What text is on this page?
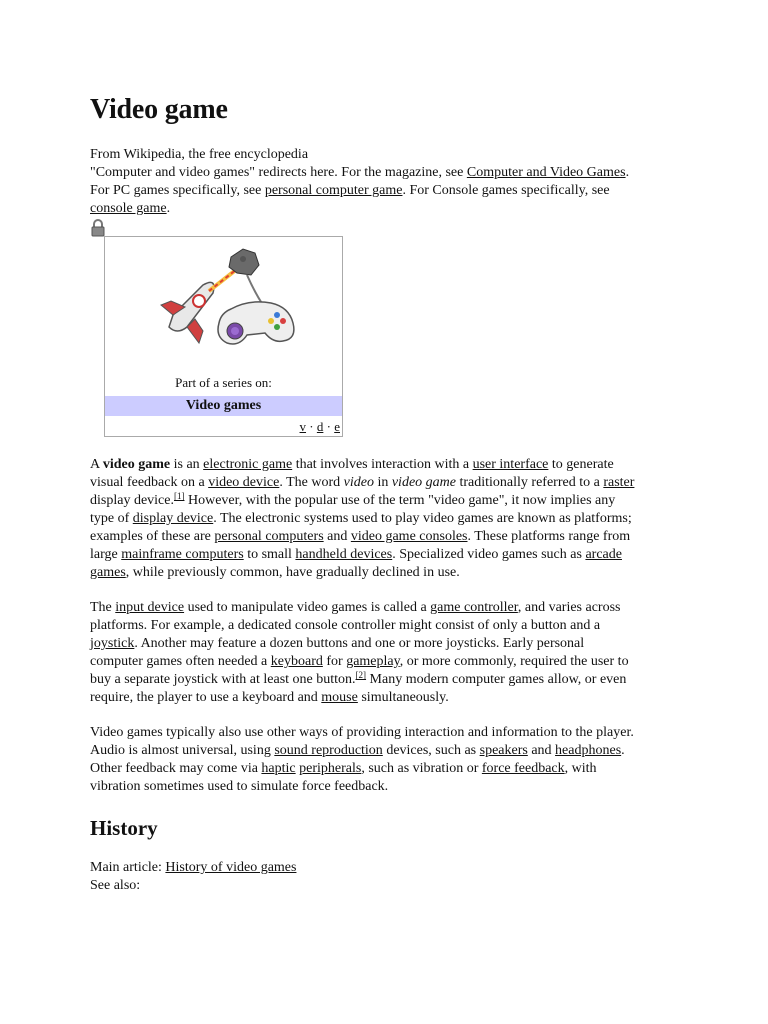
Video game
From Wikipedia, the free encyclopedia
"Computer and video games" redirects here. For the magazine, see Computer and Video Games.
For PC games specifically, see personal computer game. For Console games specifically, see
console game.
Part of a series on:
Video games
v · d · e
A video game is an electronic game that involves interaction with a user interface to generate
visual feedback on a video device. The word video in video game traditionally referred to a raster
display device.[1] However, with the popular use of the term "video game", it now implies any
type of display device. The electronic systems used to play video games are known as platforms;
examples of these are personal computers and video game consoles. These platforms range from
large mainframe computers to small handheld devices. Specialized video games such as arcade
games, while previously common, have gradually declined in use.
The input device used to manipulate video games is called a game controller, and varies across
platforms. For example, a dedicated console controller might consist of only a button and a
joystick. Another may feature a dozen buttons and one or more joysticks. Early personal
computer games often needed a keyboard for gameplay, or more commonly, required the user to
buy a separate joystick with at least one button.[2] Many modern computer games allow, or even
require, the player to use a keyboard and mouse simultaneously.
Video games typically also use other ways of providing interaction and information to the player.
Audio is almost universal, using sound reproduction devices, such as speakers and headphones.
Other feedback may come via haptic peripherals, such as vibration or force feedback, with
vibration sometimes used to simulate force feedback.
History
Main article: History of video games
See also:
